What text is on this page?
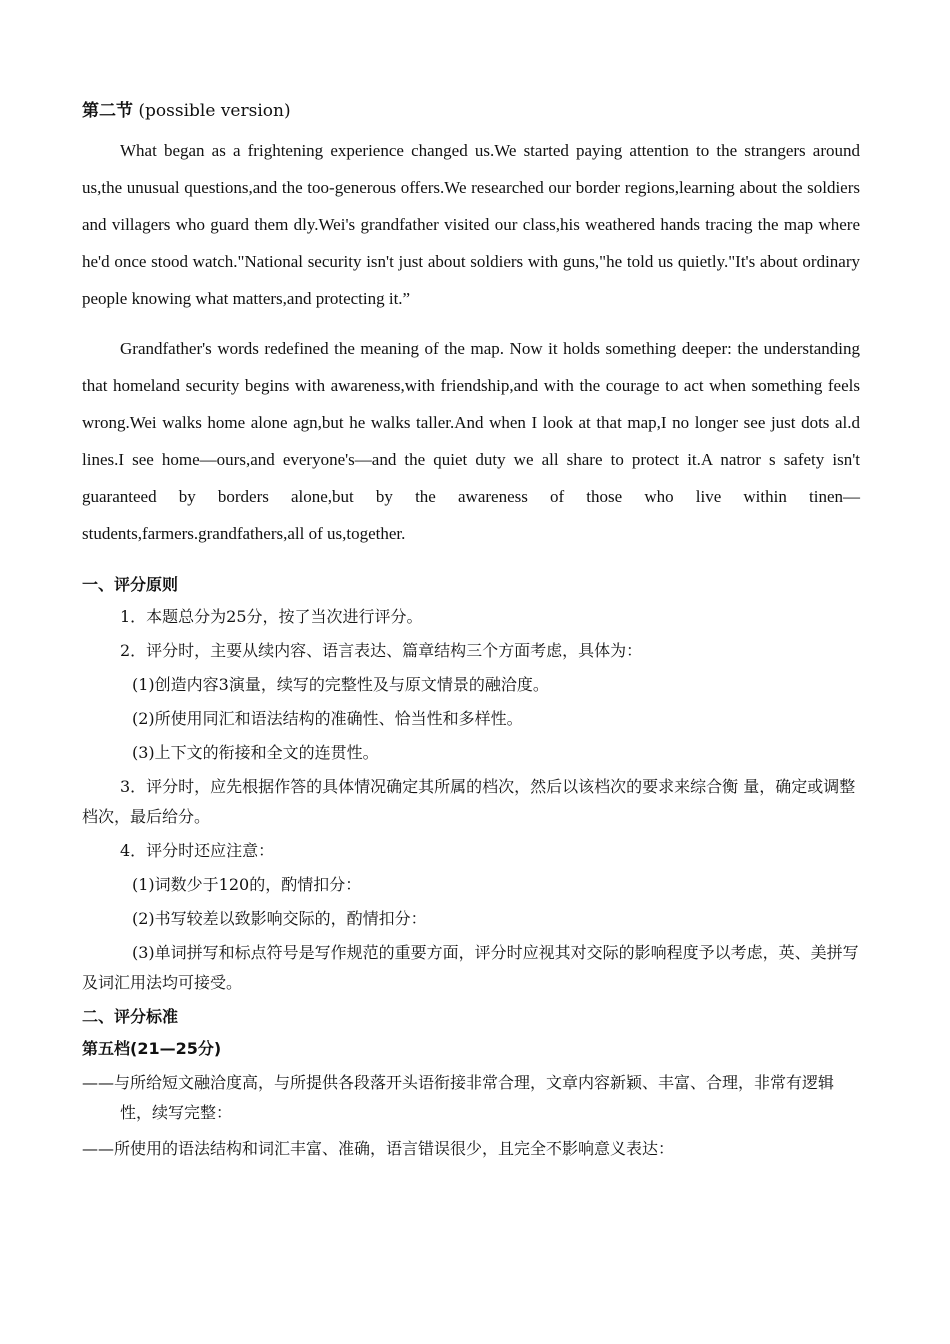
第二节 (possible version)

What began as a frightening experience changed us.We started paying attention to the strangers around us,the unusual questions,and the too-generous offers.We researched our border regions,learning about the soldiers and villagers who guard them dly.Wei's grandfather visited our class,his weathered hands tracing the map where he'd once stood watch."National security isn't just about soldiers with guns,"he told us quietly."It's about ordinary people knowing what matters,and protecting it.”

Grandfather's words redefined the meaning of the map. Now it holds something deeper: the understanding that homeland security begins with awareness,with friendship,and with the courage to act when something feels wrong.Wei walks home alone agn,but he walks taller.And when I look at that map,I no longer see just dots al.d lines.I see home—ours,and everyone's—and the quiet duty we all share to protect it.A natror s safety isn't guaranteed by borders alone,but by the awareness of those who live within tinen—students,farmers.grandfathers,all of us,together.

一、评分原则

1．本题总分为25分，按了当次进行评分。

2．评分时，主要从续内容、语言表达、篇章结构三个方面考虑，具体为：

(1)创造内容3演量，续写的完整性及与原文情景的融洽度。

(2)所使用同汇和语法结构的准确性、恰当性和多样性。

(3)上下文的衔接和全文的连贯性。

3．评分时，应先根据作答的具体情况确定其所属的档次，然后以该档次的要求来综合衡 量，确定或调整档次，最后给分。

4．评分时还应注意：

(1)词数少于120的，酌情扣分：

(2)书写较差以致影响交际的，酌情扣分：

(3)单词拼写和标点符号是写作规范的重要方面，评分时应视其对交际的影响程度予以考虑，英、美拼写及词汇用法均可接受。

二、评分标准
第五档(21—25分)

——与所给短文融洽度高，与所提供各段落开头语衔接非常合理，文章内容新颖、丰富、合理，非常有逻辑性，续写完整：

——所使用的语法结构和词汇丰富、准确，语言错误很少，且完全不影响意义表达：
